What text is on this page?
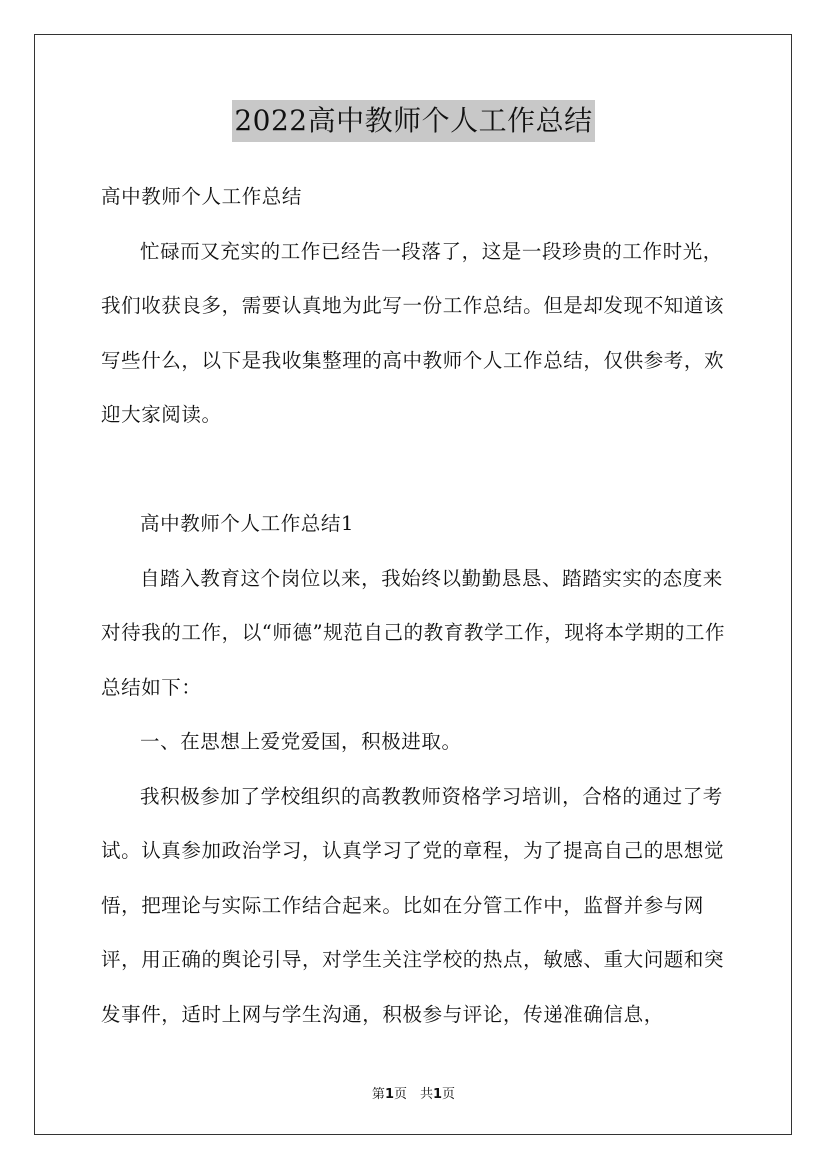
2022高中教师个人工作总结

高中教师个人工作总结

忙碌而又充实的工作已经告一段落了，这是一段珍贵的工作时光，我们收获良多，需要认真地为此写一份工作总结。但是却发现不知道该写些什么，以下是我收集整理的高中教师个人工作总结，仅供参考，欢迎大家阅读。

高中教师个人工作总结1

自踏入教育这个岗位以来，我始终以勤勤恳恳、踏踏实实的态度来对待我的工作，以“师德”规范自己的教育教学工作，现将本学期的工作总结如下：

一、在思想上爱党爱国，积极进取。

我积极参加了学校组织的高教教师资格学习培训，合格的通过了考试。认真参加政治学习，认真学习了党的章程，为了提高自己的思想觉悟，把理论与实际工作结合起来。比如在分管工作中，监督并参与网评，用正确的舆论引导，对学生关注学校的热点，敏感、重大问题和突发事件，适时上网与学生沟通，积极参与评论，传递准确信息，

第1页　共1页
